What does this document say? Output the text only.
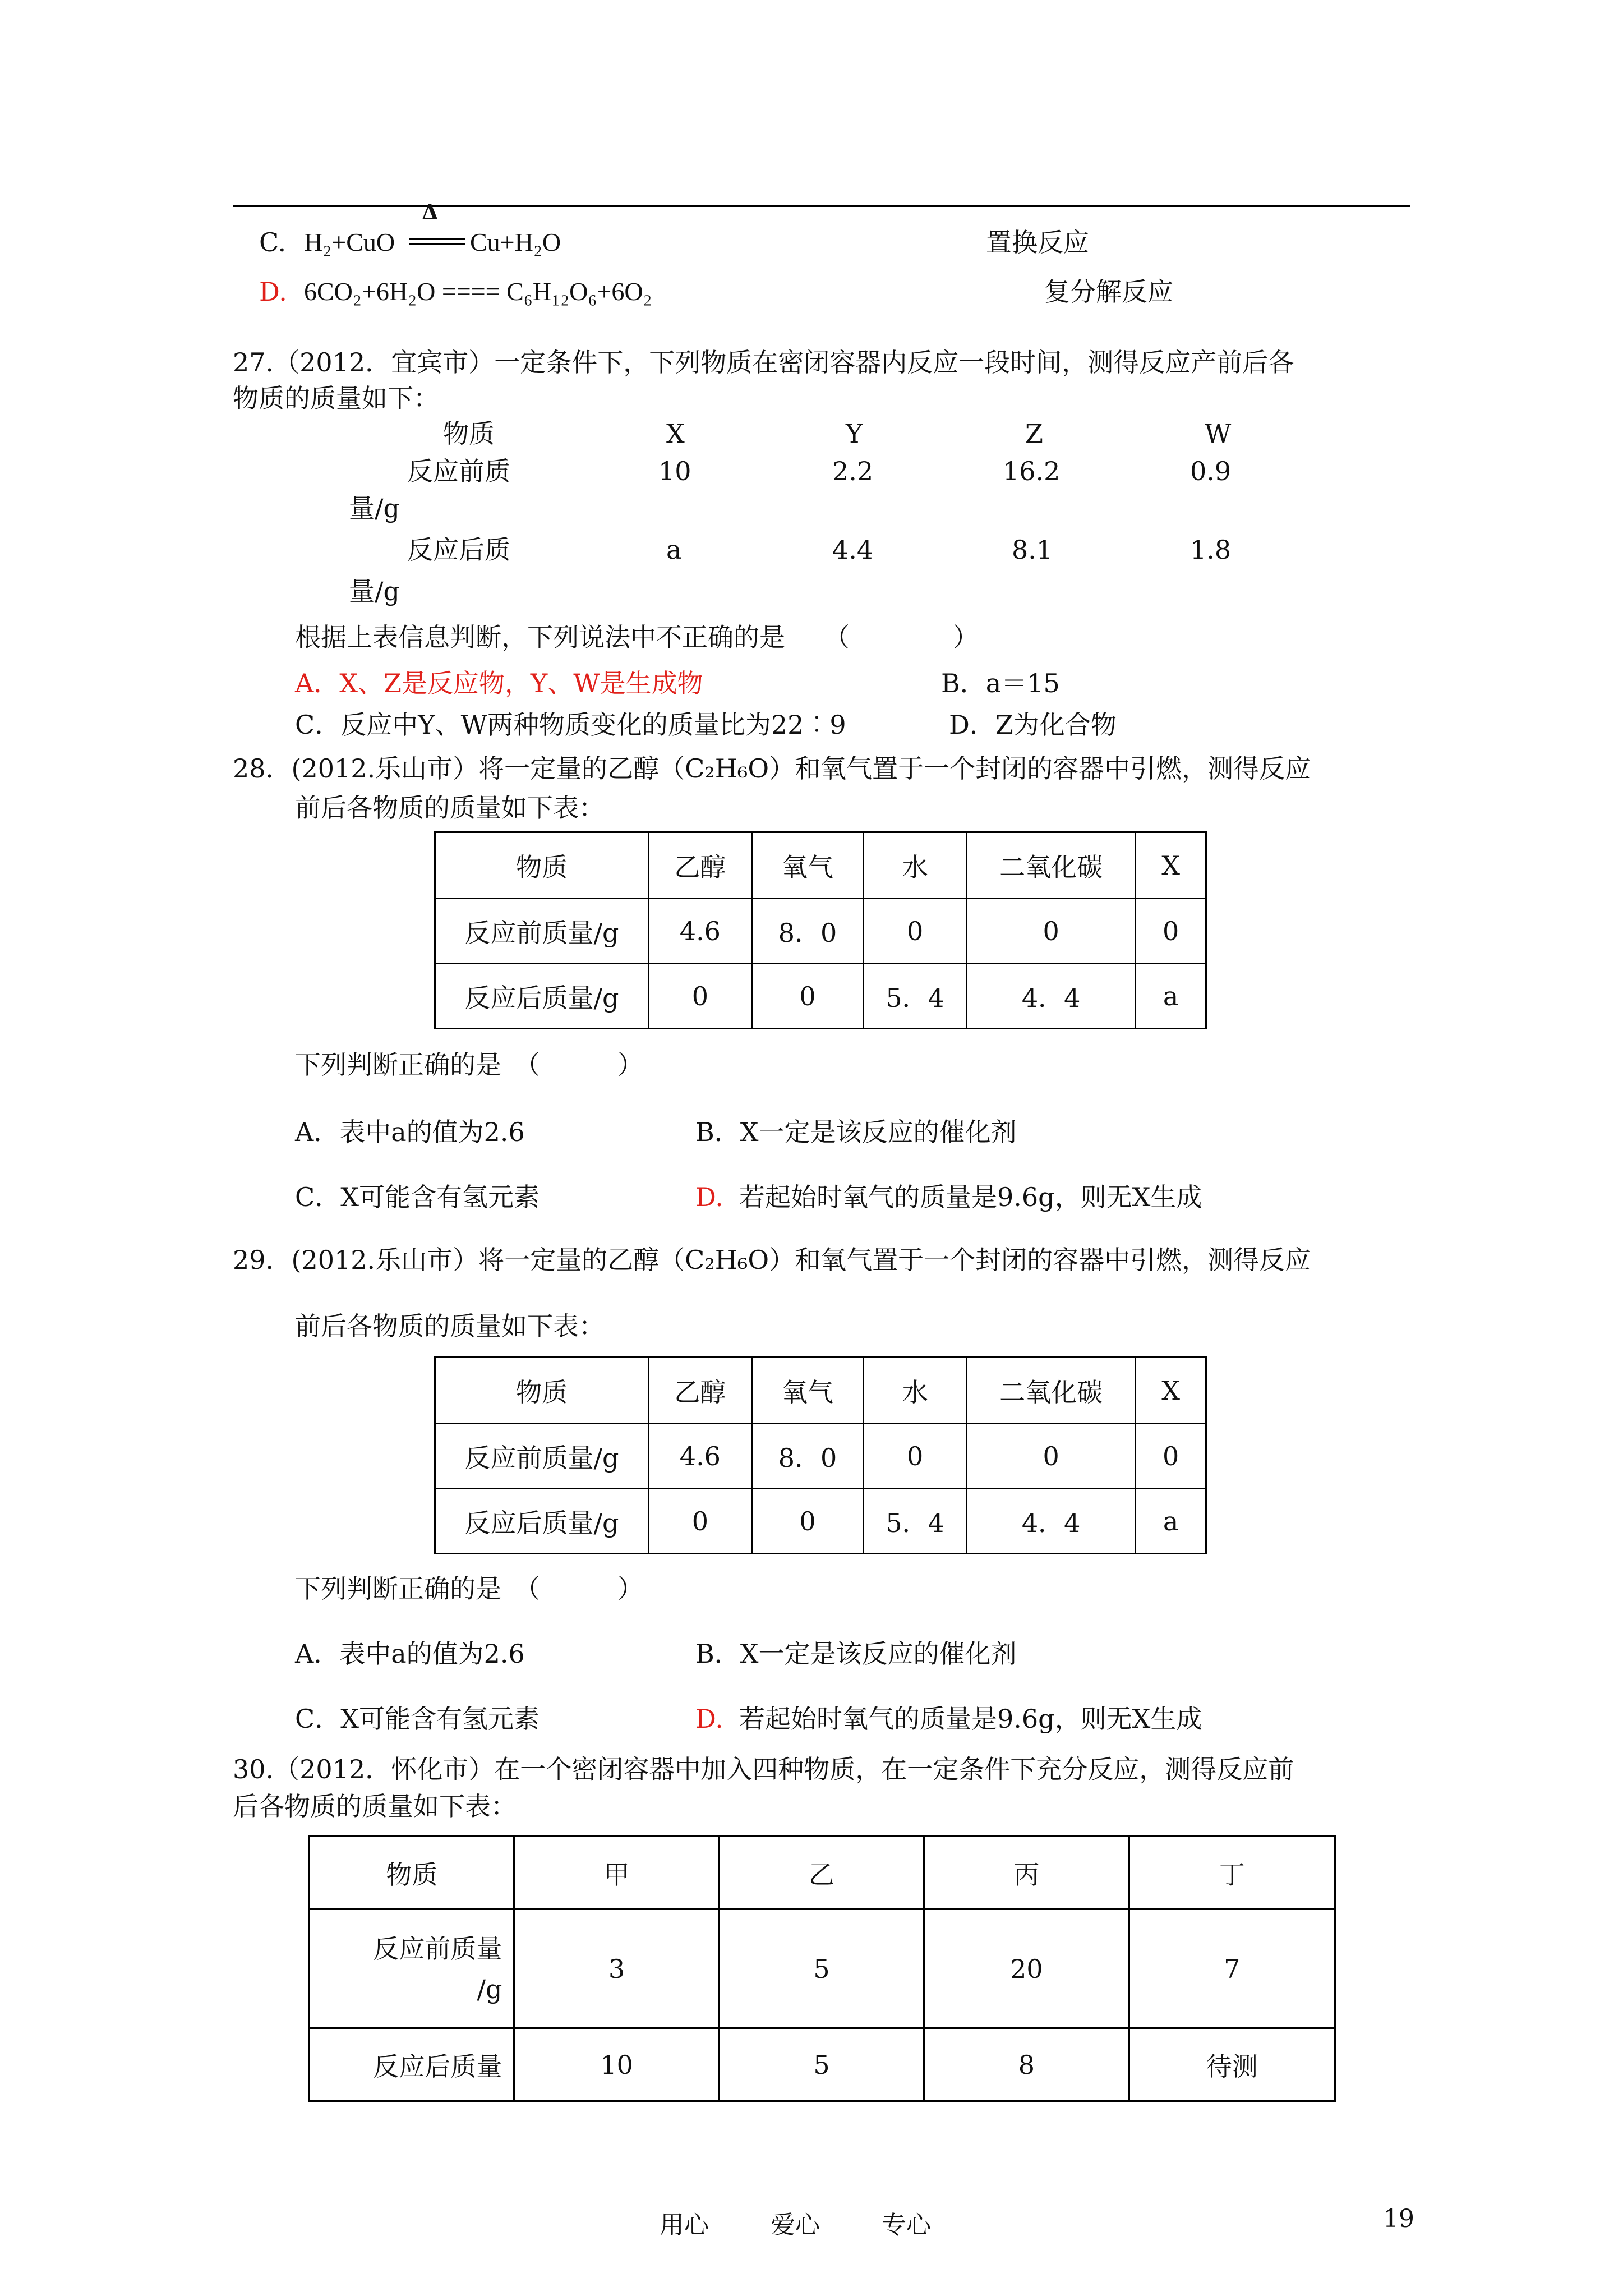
C. H₂+CuO
Δ
Cu+H₂O	置换反应
D. 6CO₂+6H₂O ==== C₆H₁₂O₆+6O₂	复分解反应
27.（2012．宜宾市）一定条件下，下列物质在密闭容器内反应一段时间，测得反应产前后各
物质的质量如下：
物质	X	Y	Z	W
反应前质	10	2.2	16.2	0.9
量/g
反应后质	a	4.4	8.1	1.8
量/g
根据上表信息判断，下列说法中不正确的是　　（　　　　）
A．X、Z是反应物，Y、W是生成物	B．a＝15
C．反应中Y、W两种物质变化的质量比为22︰9	D．Z为化合物
28．(2012.乐山市）将一定量的乙醇（C₂H₆O）和氧气置于一个封闭的容器中引燃，测得反应
前后各物质的质量如下表：
物质	乙醇	氧气	水	二氧化碳	X
反应前质量/g	4.6	8．0	0	0	0
反应后质量/g	0	0	5．4	4．4	a
下列判断正确的是　（　　　）
A．表中a的值为2.6	B．X一定是该反应的催化剂
C．X可能含有氢元素	D. 若起始时氧气的质量是9.6g，则无X生成
29．(2012.乐山市）将一定量的乙醇（C₂H₆O）和氧气置于一个封闭的容器中引燃，测得反应
前后各物质的质量如下表：
物质	乙醇	氧气	水	二氧化碳	X
反应前质量/g	4.6	8．0	0	0	0
反应后质量/g	0	0	5．4	4．4	a
下列判断正确的是　（　　　）
A．表中a的值为2.6	B．X一定是该反应的催化剂
C．X可能含有氢元素	D. 若起始时氧气的质量是9.6g，则无X生成
30.（2012．怀化市）在一个密闭容器中加入四种物质，在一定条件下充分反应，测得反应前
后各物质的质量如下表：
物质	甲	乙	丙	丁

反应前质量
/g	3	5	20	7
反应后质量	10	5	8	待测
用心	爱心	专心	19
